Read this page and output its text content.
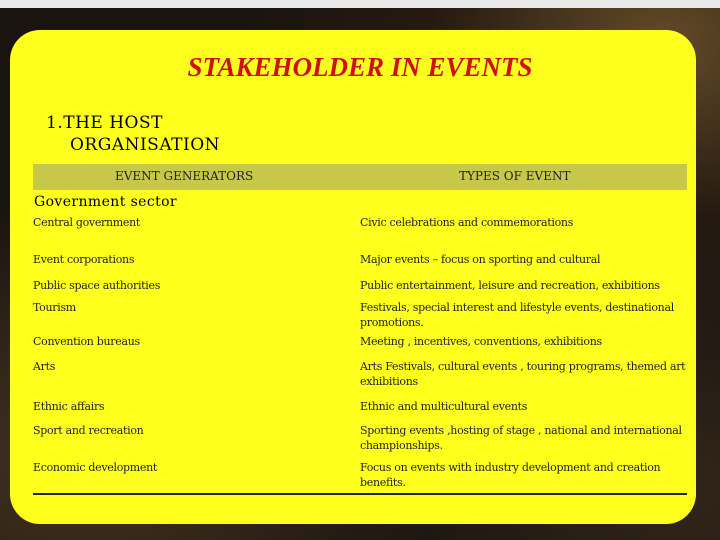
STAKEHOLDER IN EVENTS
1.THE HOST
ORGANISATION
EVENT GENERATORS	TYPES OF EVENT
Government sector
Central government	Civic celebrations and commemorations
Event corporations	Major events – focus on sporting and cultural
Public space authorities	Public entertainment, leisure and recreation, exhibitions
Tourism	Festivals, special interest and lifestyle events, destinational promotions.
Convention bureaus	Meeting , incentives, conventions, exhibitions
Arts	Arts Festivals, cultural events , touring programs, themed art exhibitions
Ethnic affairs	Ethnic and multicultural events
Sport and recreation	Sporting events ,hosting of stage , national and international championships.
Economic development	Focus on events with industry development and creation benefits.
